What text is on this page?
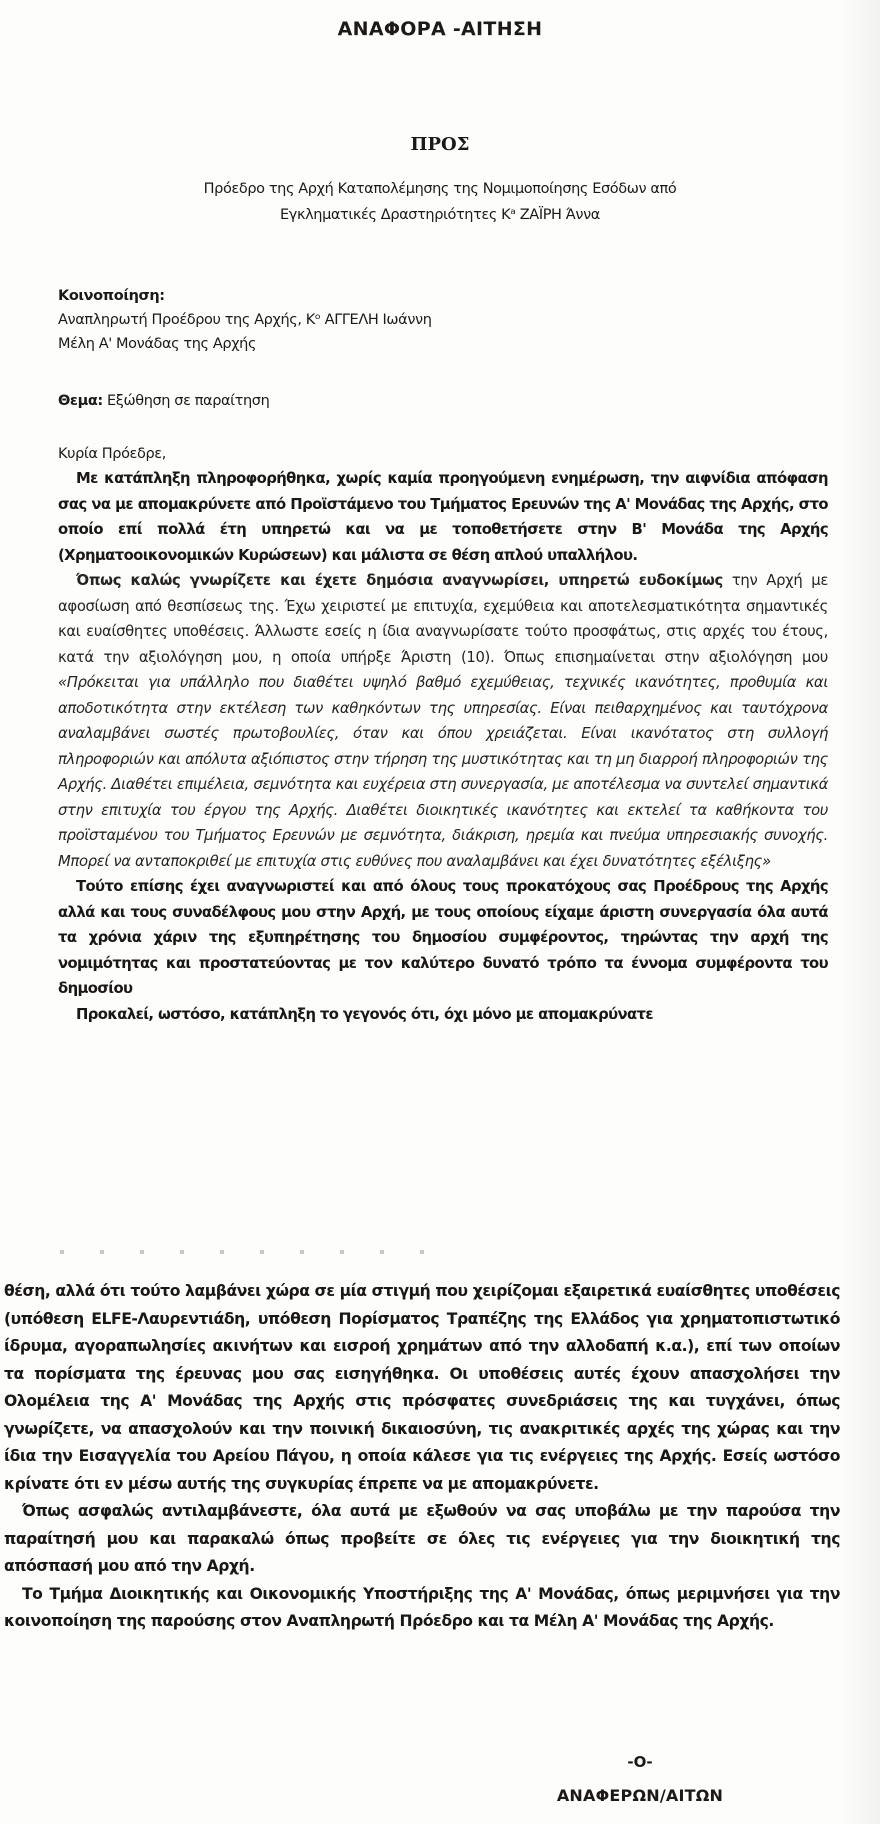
ΑΝΑΦΟΡΑ -ΑΙΤΗΣΗ
ΠΡΟΣ
Πρόεδρο της Αρχή Καταπολέμησης της Νομιμοποίησης Εσόδων από
Εγκληματικές Δραστηριότητες Κᵃ ΖΑΪΡΗ Άννα
Κοινοποίηση:
Αναπληρωτή Προέδρου της Αρχής, Κᵒ ΑΓΓΕΛΗ Ιωάννη
Μέλη Α' Μονάδας της Αρχής
Θεμα: Εξώθηση σε παραίτηση
Κυρία Πρόεδρε,

Με κατάπληξη πληροφορήθηκα, χωρίς καμία προηγούμενη ενημέρωση, την αιφνίδια απόφαση σας να με απομακρύνετε από Προϊστάμενο του Τμήματος Ερευνών της Α' Μονάδας της Αρχής, στο οποίο επί πολλά έτη υπηρετώ και να με τοποθετήσετε στην Β' Μονάδα της Αρχής (Χρηματοοικονομικών Κυρώσεων) και μάλιστα σε θέση απλού υπαλλήλου.

Όπως καλώς γνωρίζετε και έχετε δημόσια αναγνωρίσει, υπηρετώ ευδοκίμως την Αρχή με αφοσίωση από θεσπίσεως της. Έχω χειριστεί με επιτυχία, εχεμύθεια και αποτελεσματικότητα σημαντικές και ευαίσθητες υποθέσεις. Άλλωστε εσείς η ίδια αναγνωρίσατε τούτο προσφάτως, στις αρχές του έτους, κατά την αξιολόγηση μου, η οποία υπήρξε Άριστη (10). Όπως επισημαίνεται στην αξιολόγηση μου «Πρόκειται για υπάλληλο που διαθέτει υψηλό βαθμό εχεμύθειας, τεχνικές ικανότητες, προθυμία και αποδοτικότητα στην εκτέλεση των καθηκόντων της υπηρεσίας. Είναι πειθαρχημένος και ταυτόχρονα αναλαμβάνει σωστές πρωτοβουλίες, όταν και όπου χρειάζεται. Είναι ικανότατος στη συλλογή πληροφοριών και απόλυτα αξιόπιστος στην τήρηση της μυστικότητας και τη μη διαρροή πληροφοριών της Αρχής. Διαθέτει επιμέλεια, σεμνότητα και ευχέρεια στη συνεργασία, με αποτέλεσμα να συντελεί σημαντικά στην επιτυχία του έργου της Αρχής. Διαθέτει διοικητικές ικανότητες και εκτελεί τα καθήκοντα του προϊσταμένου του Τμήματος Ερευνών με σεμνότητα, διάκριση, ηρεμία και πνεύμα υπηρεσιακής συνοχής. Μπορεί να ανταποκριθεί με επιτυχία στις ευθύνες που αναλαμβάνει και έχει δυνατότητες εξέλιξης»

Τούτο επίσης έχει αναγνωριστεί και από όλους τους προκατόχους σας Προέδρους της Αρχής αλλά και τους συναδέλφους μου στην Αρχή, με τους οποίους είχαμε άριστη συνεργασία όλα αυτά τα χρόνια χάριν της εξυπηρέτησης του δημοσίου συμφέροντος, τηρώντας την αρχή της νομιμότητας και προστατεύοντας με τον καλύτερο δυνατό τρόπο τα έννομα συμφέροντα του δημοσίου

Προκαλεί, ωστόσο, κατάπληξη το γεγονός ότι, όχι μόνο με απομακρύνατε

θέση, αλλά ότι τούτο λαμβάνει χώρα σε μία στιγμή που χειρίζομαι εξαιρετικά ευαίσθητες υποθέσεις (υπόθεση ELFE-Λαυρεντιάδη, υπόθεση Πορίσματος Τραπέζης της Ελλάδος για χρηματοπιστωτικό ίδρυμα, αγοραπωλησίες ακινήτων και εισροή χρημάτων από την αλλοδαπή κ.α.), επί των οποίων τα πορίσματα της έρευνας μου σας εισηγήθηκα. Οι υποθέσεις αυτές έχουν απασχολήσει την Ολομέλεια της Α' Μονάδας της Αρχής στις πρόσφατες συνεδριάσεις της και τυγχάνει, όπως γνωρίζετε, να απασχολούν και την ποινική δικαιοσύνη, τις ανακριτικές αρχές της χώρας και την ίδια την Εισαγγελία του Αρείου Πάγου, η οποία κάλεσε για τις ενέργειες της Αρχής. Εσείς ωστόσο κρίνατε ότι εν μέσω αυτής της συγκυρίας έπρεπε να με απομακρύνετε.

Όπως ασφαλώς αντιλαμβάνεστε, όλα αυτά με εξωθούν να σας υποβάλω με την παρούσα την παραίτησή μου και παρακαλώ όπως προβείτε σε όλες τις ενέργειες για την διοικητική της απόσπασή μου από την Αρχή.

Το Τμήμα Διοικητικής και Οικονομικής Υποστήριξης της Α' Μονάδας, όπως μεριμνήσει για την κοινοποίηση της παρούσης στον Αναπληρωτή Πρόεδρο και τα Μέλη Α' Μονάδας της Αρχής.

-Ο-
ΑΝΑΦΕΡΩΝ/ΑΙΤΩΝ
